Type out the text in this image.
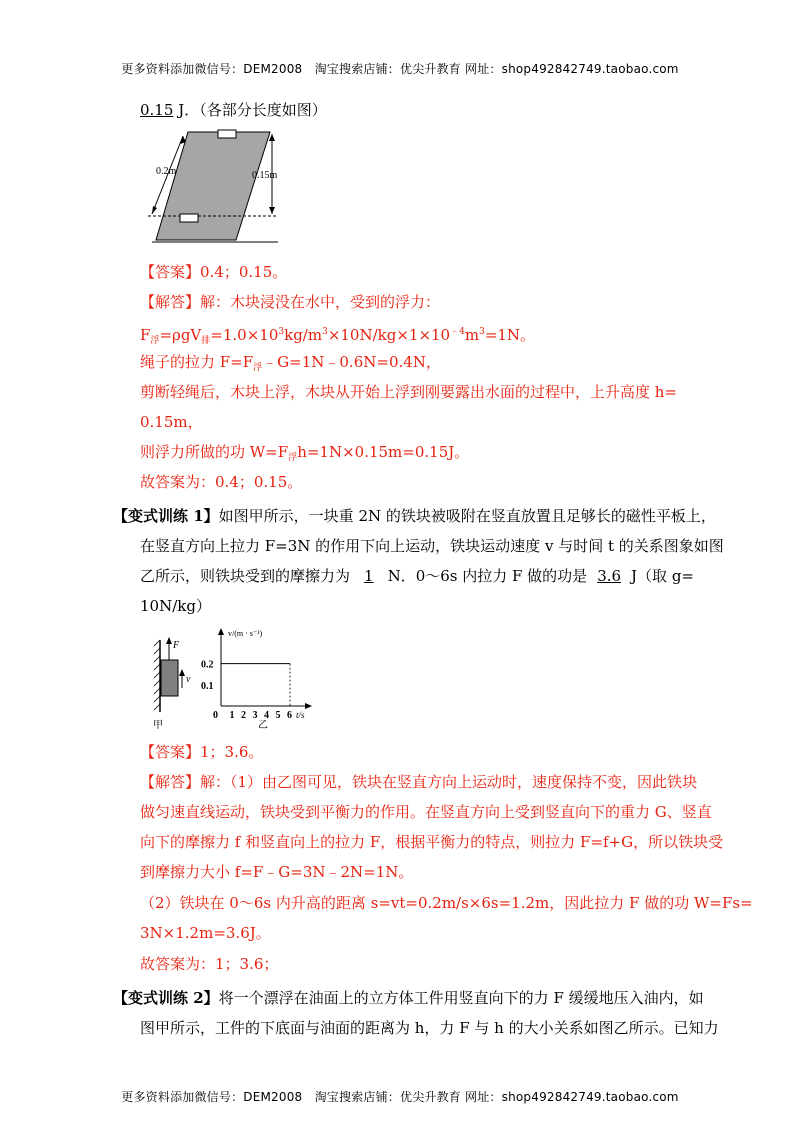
更多资料添加微信号：DEM2008　淘宝搜索店铺：优尖升教育 网址：shop492842749.taobao.com
0.15 J．（各部分长度如图）
0.2m	0.15m
【答案】0.4；0.15。
【解答】解：木块浸没在水中，受到的浮力：
$F_浮=\rho gV_排=1.0\times 10^3kg/m^3\times 10N/kg\times 1\times 10^{﹣4}m^3=1N$。
绳子的拉力 $F=F_浮﹣G=1N﹣0.6N=0.4N$，
剪断轻绳后，木块上浮，木块从开始上浮到刚要露出水面的过程中，上升高度 h=
0.15m，
则浮力所做的功 $W=F_浮h=1N\times 0.15m=0.15J$。
故答案为：0.4；0.15。
【变式训练 1】如图甲所示，一块重 2N 的铁块被吸附在竖直放置且足够长的磁性平板上，
在竖直方向上拉力 F=3N 的作用下向上运动，铁块运动速度 v 与时间 t 的关系图象如图
乙所示，则铁块受到的摩擦力为 1 N．0～6s 内拉力 F 做的功是 3.6 J（取 g=
10N/kg）
F
v
甲
v/(m · s⁻¹)
t/s
0.2
0.1
0 1 2 3 4 5 6
乙
【答案】1；3.6。
【解答】解：（1）由乙图可见，铁块在竖直方向上运动时，速度保持不变，因此铁块
做匀速直线运动，铁块受到平衡力的作用。在竖直方向上受到竖直向下的重力 G、竖直
向下的摩擦力 f 和竖直向上的拉力 F，根据平衡力的特点，则拉力 F=f+G，所以铁块受
到摩擦力大小 f=F﹣G=3N﹣2N=1N。
（2）铁块在 0～6s 内升高的距离 s=vt=0.2m/s×6s=1.2m，因此拉力 F 做的功 W=Fs=
3N×1.2m=3.6J。
故答案为：1；3.6；
【变式训练 2】将一个漂浮在油面上的立方体工件用竖直向下的力 F 缓缓地压入油内，如
图甲所示，工件的下底面与油面的距离为 h，力 F 与 h 的大小关系如图乙所示。已知力
更多资料添加微信号：DEM2008　淘宝搜索店铺：优尖升教育 网址：shop492842749.taobao.com
